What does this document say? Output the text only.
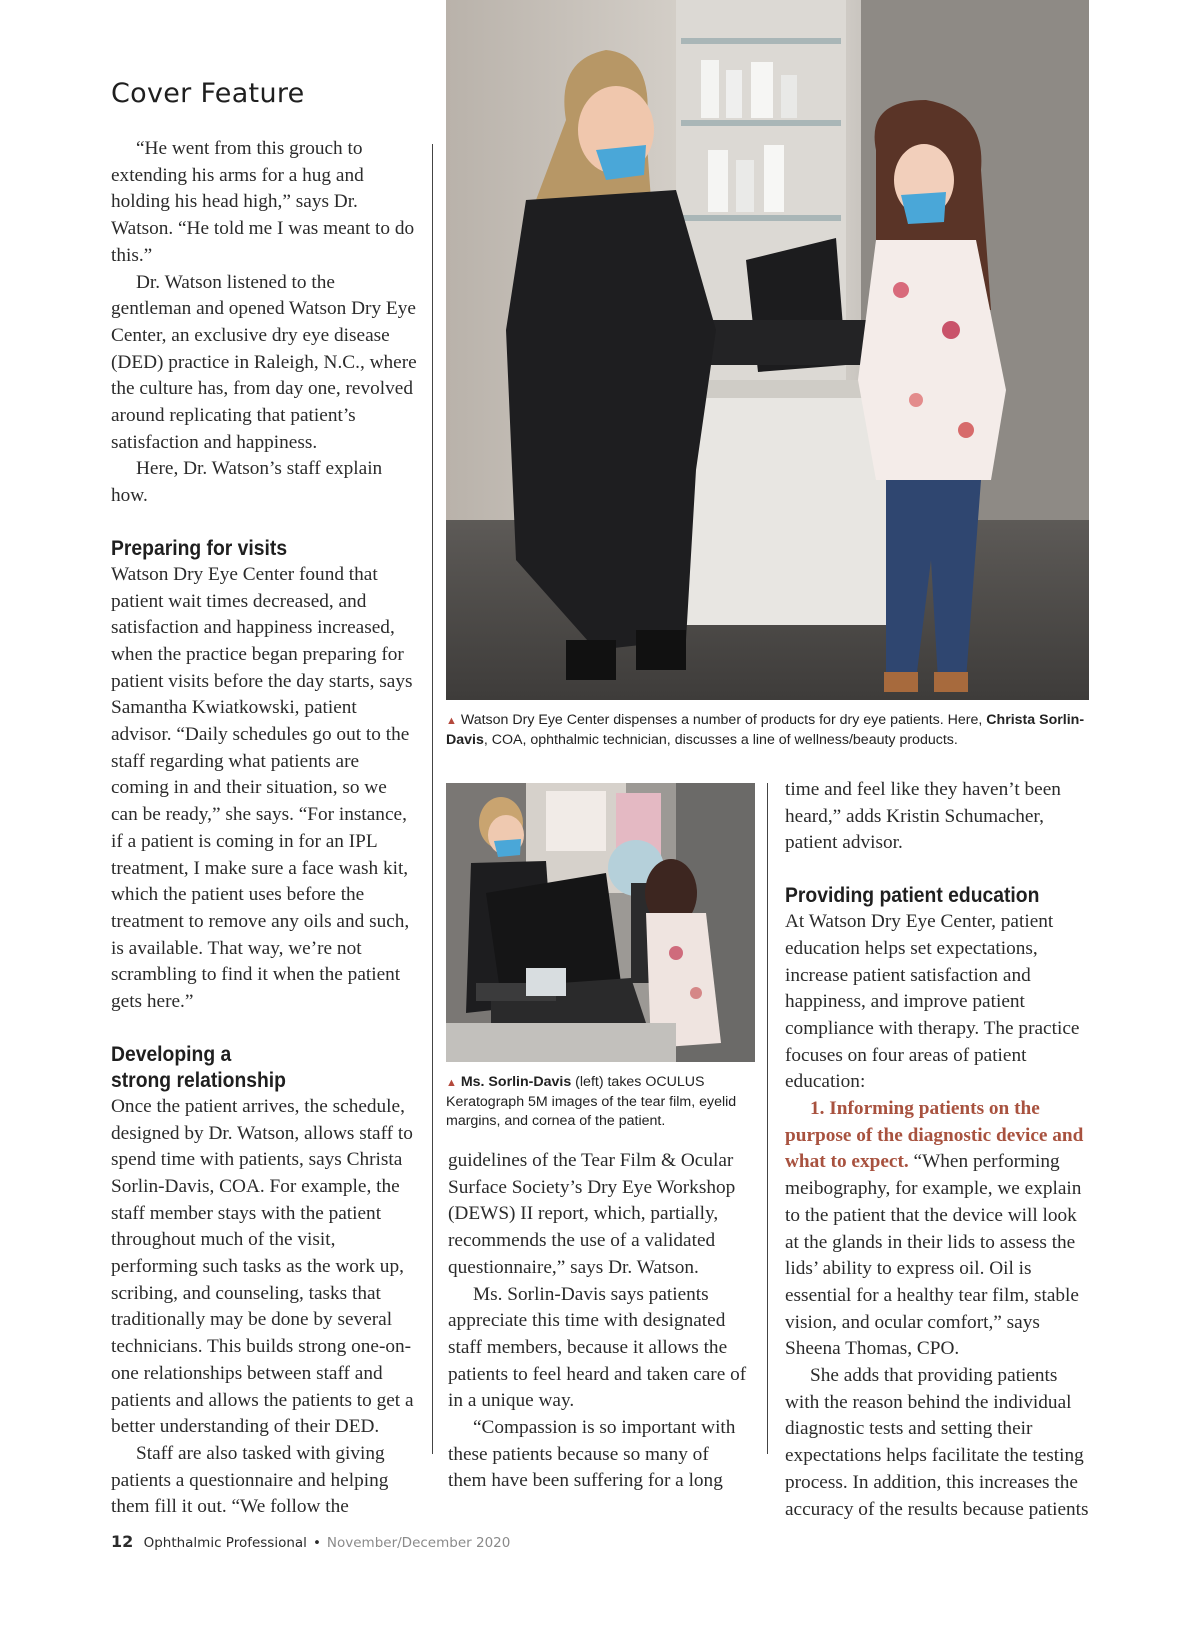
Cover Feature

“He went from this grouch to extending his arms for a hug and holding his head high,” says Dr. Watson. “He told me I was meant to do this.”

Dr. Watson listened to the gentleman and opened Watson Dry Eye Center, an exclusive dry eye disease (DED) practice in Raleigh, N.C., where the culture has, from day one, revolved around replicating that patient’s satisfaction and happiness.

Here, Dr. Watson’s staff explain how.

Preparing for visits

Watson Dry Eye Center found that patient wait times decreased, and satisfaction and happiness increased, when the practice began preparing for patient visits before the day starts, says Samantha Kwiatkowski, patient advisor. “Daily schedules go out to the staff regarding what patients are coming in and their situation, so we can be ready,” she says. “For instance, if a patient is coming in for an IPL treatment, I make sure a face wash kit, which the patient uses before the treatment to remove any oils and such, is available. That way, we’re not scrambling to find it when the patient gets here.”

Developing a
strong relationship

Once the patient arrives, the schedule, designed by Dr. Watson, allows staff to spend time with patients, says Christa Sorlin-Davis, COA. For example, the staff member stays with the patient throughout much of the visit, performing such tasks as the work up, scribing, and counseling, tasks that traditionally may be done by several technicians. This builds strong one-on-one relationships between staff and patients and allows the patients to get a better understanding of their DED.

Staff are also tasked with giving patients a questionnaire and helping them fill it out. “We follow the

▲ Watson Dry Eye Center dispenses a number of products for dry eye patients. Here, Christa Sorlin-Davis, COA, ophthalmic technician, discusses a line of wellness/beauty products.
▲ Ms. Sorlin-Davis (left) takes OCULUS Keratograph 5M images of the tear film, eyelid margins, and cornea of the patient.

guidelines of the Tear Film & Ocular Surface Society’s Dry Eye Workshop (DEWS) II report, which, partially, recommends the use of a validated questionnaire,” says Dr. Watson.

Ms. Sorlin-Davis says patients appreciate this time with designated staff members, because it allows the patients to feel heard and taken care of in a unique way.

“Compassion is so important with these patients because so many of them have been suffering for a long

time and feel like they haven’t been heard,” adds Kristin Schumacher, patient advisor.

Providing patient education

At Watson Dry Eye Center, patient education helps set expectations, increase patient satisfaction and happiness, and improve patient compliance with therapy. The practice focuses on four areas of patient education:

1. Informing patients on the purpose of the diagnostic device and what to expect. “When performing meibography, for example, we explain to the patient that the device will look at the glands in their lids to assess the lids’ ability to express oil. Oil is essential for a healthy tear film, stable vision, and ocular comfort,” says Sheena Thomas, CPO.

She adds that providing patients with the reason behind the individual diagnostic tests and setting their expectations helps facilitate the testing process. In addition, this increases the accuracy of the results because patients

12 Ophthalmic Professional • November/December 2020
